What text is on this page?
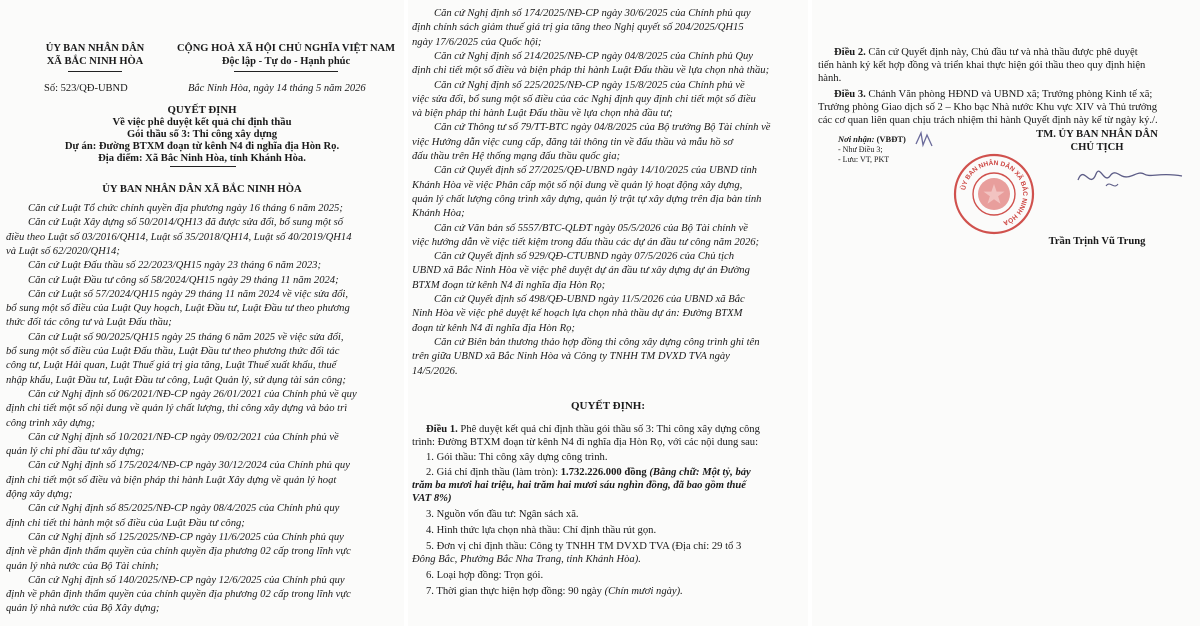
ỦY BAN NHÂN DÂN
XÃ BẮC NINH HÒA
CỘNG HOÀ XÃ HỘI CHỦ NGHĨA VIỆT NAM
Độc lập - Tự do - Hạnh phúc
Số: 523/QĐ-UBND	Bắc Ninh Hòa, ngày 14 tháng 5 năm 2026
QUYẾT ĐỊNH
Về việc phê duyệt kết quả chỉ định thầu
Gói thầu số 3: Thi công xây dựng
Dự án: Đường BTXM đoạn từ kênh N4 đi nghĩa địa Hòn Rọ.
Địa điểm: Xã Bắc Ninh Hòa, tỉnh Khánh Hòa.
ỦY BAN NHÂN DÂN XÃ BẮC NINH HÒA
Căn cứ Luật Tổ chức chính quyền địa phương ngày 16 tháng 6 năm 2025;
Căn cứ Luật Xây dựng số 50/2014/QH13 đã được sửa đổi, bổ sung một số
điều theo Luật số 03/2016/QH14, Luật số 35/2018/QH14, Luật số 40/2019/QH14
và Luật số 62/2020/QH14;
Căn cứ Luật Đấu thầu số 22/2023/QH15 ngày 23 tháng 6 năm 2023;
Căn cứ Luật Đầu tư công số 58/2024/QH15 ngày 29 tháng 11 năm 2024;
Căn cứ Luật số 57/2024/QH15 ngày 29 tháng 11 năm 2024 về việc sửa đổi,
bổ sung một số điều của Luật Quy hoạch, Luật Đầu tư, Luật Đầu tư theo phương
thức đối tác công tư và Luật Đấu thầu;
Căn cứ Luật số 90/2025/QH15 ngày 25 tháng 6 năm 2025 về việc sửa đổi,
bổ sung một số điều của Luật Đấu thầu, Luật Đầu tư theo phương thức đối tác
công tư, Luật Hải quan, Luật Thuế giá trị gia tăng, Luật Thuế xuất khẩu, thuế
nhập khẩu, Luật Đầu tư, Luật Đầu tư công, Luật Quản lý, sử dụng tài sản công;
Căn cứ Nghị định số 06/2021/NĐ-CP ngày 26/01/2021 của Chính phủ về quy
định chi tiết một số nội dung về quản lý chất lượng, thi công xây dựng và bảo trì
công trình xây dựng;
Căn cứ Nghị định số 10/2021/NĐ-CP ngày 09/02/2021 của Chính phủ về
quản lý chi phí đầu tư xây dựng;
Căn cứ Nghị định số 175/2024/NĐ-CP ngày 30/12/2024 của Chính phủ quy
định chi tiết một số điều và biện pháp thi hành Luật Xây dựng về quản lý hoạt
động xây dựng;
Căn cứ Nghị định số 85/2025/NĐ-CP ngày 08/4/2025 của Chính phủ quy
định chi tiết thi hành một số điều của Luật Đầu tư công;
Căn cứ Nghị định số 125/2025/NĐ-CP ngày 11/6/2025 của Chính phủ quy
định về phân định thẩm quyền của chính quyền địa phương 02 cấp trong lĩnh vực
quản lý nhà nước của Bộ Tài chính;
Căn cứ Nghị định số 140/2025/NĐ-CP ngày 12/6/2025 của Chính phủ quy
định về phân định thẩm quyền của chính quyền địa phương 02 cấp trong lĩnh vực
quản lý nhà nước của Bộ Xây dựng;
Căn cứ Nghị định số 174/2025/NĐ-CP ngày 30/6/2025 của Chính phủ quy
định chính sách giảm thuế giá trị gia tăng theo Nghị quyết số 204/2025/QH15
ngày 17/6/2025 của Quốc hội;
Căn cứ Nghị định số 214/2025/NĐ-CP ngày 04/8/2025 của Chính phủ Quy
định chi tiết một số điều và biện pháp thi hành Luật Đấu thầu về lựa chọn nhà thầu;
Căn cứ Nghị định số 225/2025/NĐ-CP ngày 15/8/2025 của Chính phủ về
việc sửa đổi, bổ sung một số điều của các Nghị định quy định chi tiết một số điều
và biện pháp thi hành Luật Đấu thầu về lựa chọn nhà đầu tư;
Căn cứ Thông tư số 79/TT-BTC ngày 04/8/2025 của Bộ trưởng Bộ Tài chính về
việc Hướng dẫn việc cung cấp, đăng tải thông tin về đấu thầu và mẫu hồ sơ
đấu thầu trên Hệ thống mạng đấu thầu quốc gia;
Căn cứ Quyết định số 27/2025/QĐ-UBND ngày 14/10/2025 của UBND tỉnh
Khánh Hòa về việc Phân cấp một số nội dung về quản lý hoạt động xây dựng,
quản lý chất lượng công trình xây dựng, quản lý trật tự xây dựng trên địa bàn tỉnh
Khánh Hòa;
Căn cứ Văn bản số 5557/BTC-QLĐT ngày 05/5/2026 của Bộ Tài chính về
việc hướng dẫn về việc tiết kiệm trong đấu thầu các dự án đầu tư công năm 2026;
Căn cứ Quyết định số 929/QĐ-CTUBND ngày 07/5/2026 của Chủ tịch
UBND xã Bắc Ninh Hòa về việc phê duyệt dự án đầu tư xây dựng dự án Đường
BTXM đoạn từ kênh N4 đi nghĩa địa Hòn Rọ;
Căn cứ Quyết định số 498/QĐ-UBND ngày 11/5/2026 của UBND xã Bắc
Ninh Hòa về việc phê duyệt kế hoạch lựa chọn nhà thầu dự án: Đường BTXM
đoạn từ kênh N4 đi nghĩa địa Hòn Rọ;
Căn cứ Biên bản thương thảo hợp đồng thi công xây dựng công trình ghi tên
trên giữa UBND xã Bắc Ninh Hòa và Công ty TNHH TM DVXD TVA ngày
14/5/2026.
QUYẾT ĐỊNH:
Điều 1. Phê duyệt kết quả chỉ định thầu gói thầu số 3: Thi công xây dựng công
trình: Đường BTXM đoạn từ kênh N4 đi nghĩa địa Hòn Rọ, với các nội dung sau:
1. Gói thầu: Thi công xây dựng công trình.
2. Giá chỉ định thầu (làm tròn): 1.732.226.000 đồng (Bằng chữ: Một tỷ, bảy
trăm ba mươi hai triệu, hai trăm hai mươi sáu nghìn đồng, đã bao gồm thuế
VAT 8%)
3. Nguồn vốn đầu tư: Ngân sách xã.
4. Hình thức lựa chọn nhà thầu: Chỉ định thầu rút gọn.
5. Đơn vị chỉ định thầu: Công ty TNHH TM DVXD TVA (Địa chỉ: 29 tổ 3
Đông Bắc, Phường Bắc Nha Trang, tỉnh Khánh Hòa).
6. Loại hợp đồng: Trọn gói.
7. Thời gian thực hiện hợp đồng: 90 ngày (Chín mươi ngày).
Điều 2. Căn cứ Quyết định này, Chủ đầu tư và nhà thầu được phê duyệt
tiến hành ký kết hợp đồng và triển khai thực hiện gói thầu theo quy định hiện
hành.
Điều 3. Chánh Văn phòng HĐND và UBND xã; Trưởng phòng Kinh tế xã;
Trưởng phòng Giao dịch số 2 – Kho bạc Nhà nước Khu vực XIV và Thủ trưởng
các cơ quan liên quan chịu trách nhiệm thi hành Quyết định này kể từ ngày ký./.
Nơi nhận: (VBĐT)
- Như Điều 3;
- Lưu: VT, PKT
TM. ỦY BAN NHÂN DÂN
CHỦ TỊCH
ỦY BAN NHÂN DÂN XÃ BẮC NINH HÒA
Trần Trịnh Vũ Trung
